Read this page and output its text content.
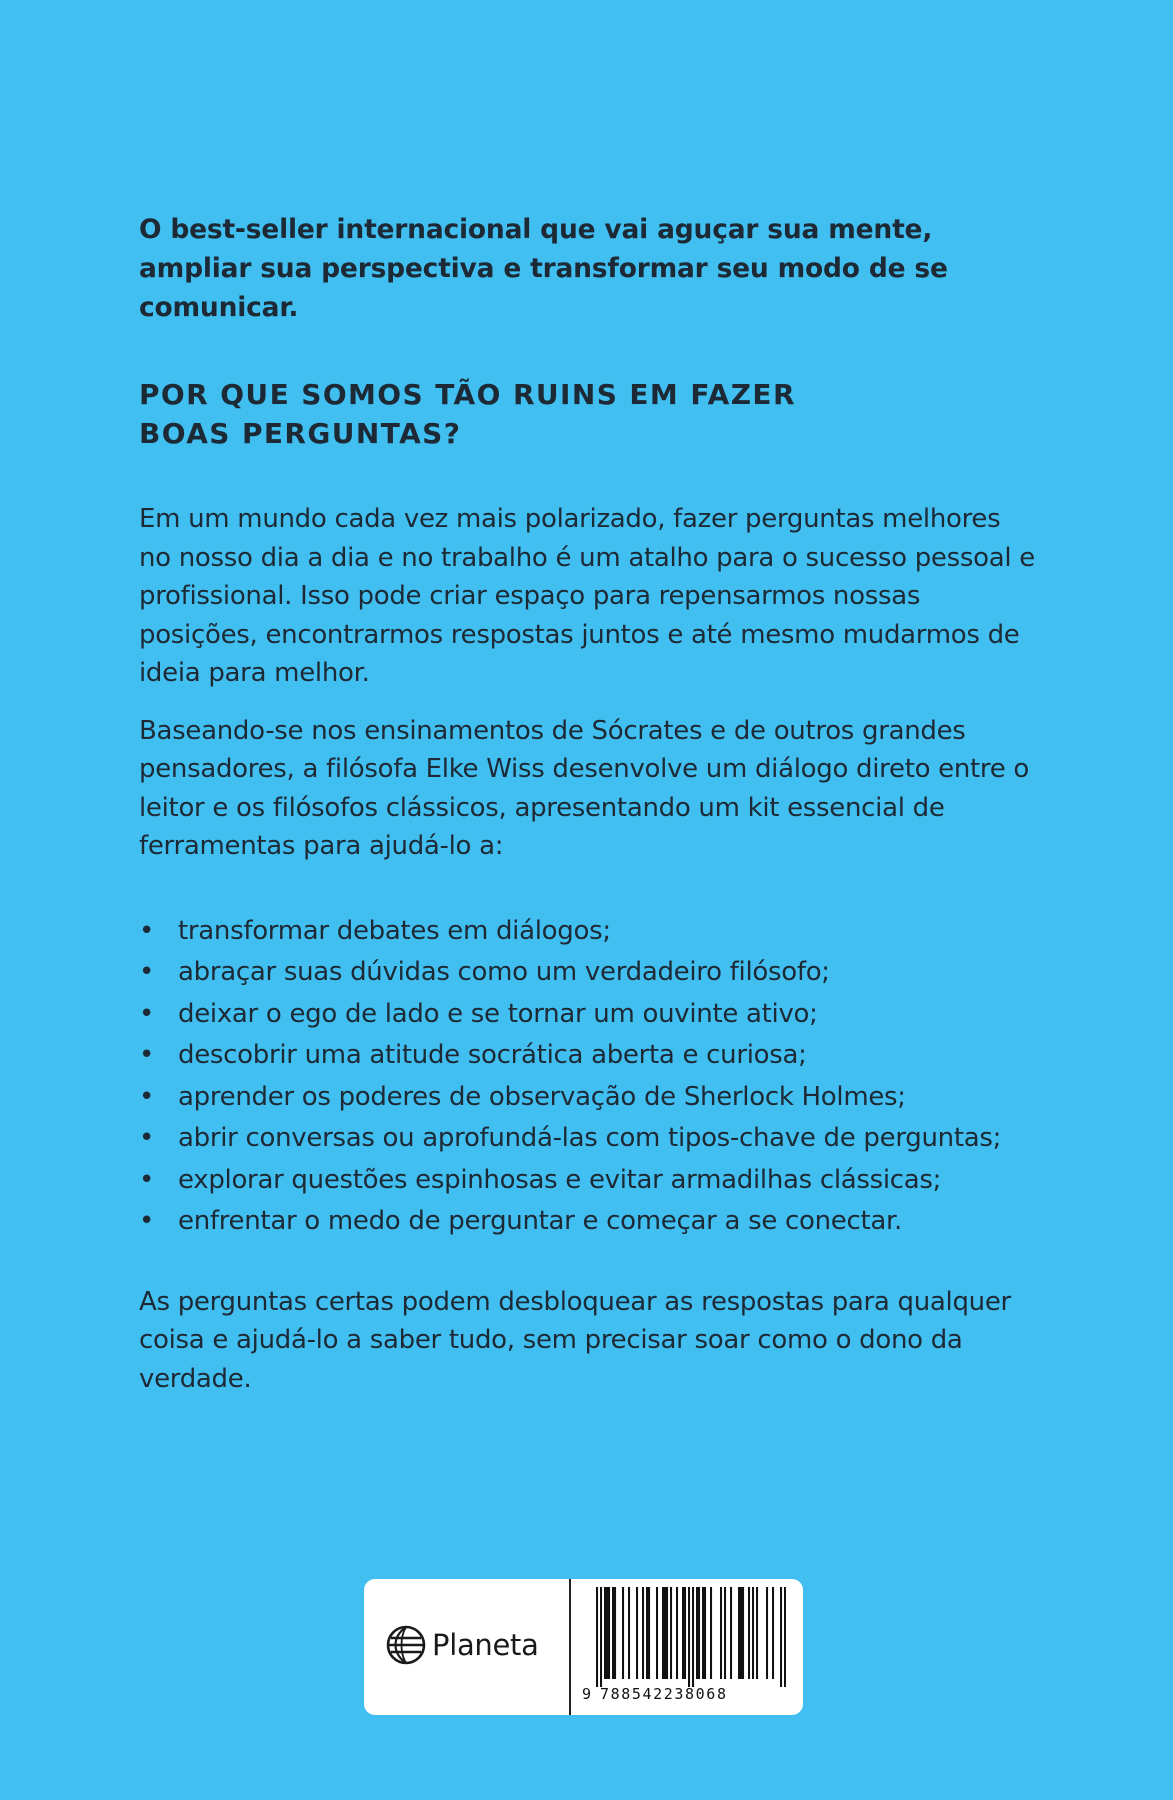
O best-seller internacional que vai aguçar sua mente, ampliar sua perspectiva e transformar seu modo de se comunicar.

POR QUE SOMOS TÃO RUINS EM FAZER
BOAS PERGUNTAS?

Em um mundo cada vez mais polarizado, fazer perguntas melhores no nosso dia a dia e no trabalho é um atalho para o sucesso pessoal e profissional. Isso pode criar espaço para repensarmos nossas posições, encontrarmos respostas juntos e até mesmo mudarmos de ideia para melhor.

Baseando-se nos ensinamentos de Sócrates e de outros grandes pensadores, a filósofa Elke Wiss desenvolve um diálogo direto entre o leitor e os filósofos clássicos, apresentando um kit essencial de ferramentas para ajudá-lo a:

• transformar debates em diálogos;
• abraçar suas dúvidas como um verdadeiro filósofo;
• deixar o ego de lado e se tornar um ouvinte ativo;
• descobrir uma atitude socrática aberta e curiosa;
• aprender os poderes de observação de Sherlock Holmes;
• abrir conversas ou aprofundá-las com tipos-chave de perguntas;
• explorar questões espinhosas e evitar armadilhas clássicas;
• enfrentar o medo de perguntar e começar a se conectar.

As perguntas certas podem desbloquear as respostas para qualquer coisa e ajudá-lo a saber tudo, sem precisar soar como o dono da verdade.

Planeta
9 788542238068
